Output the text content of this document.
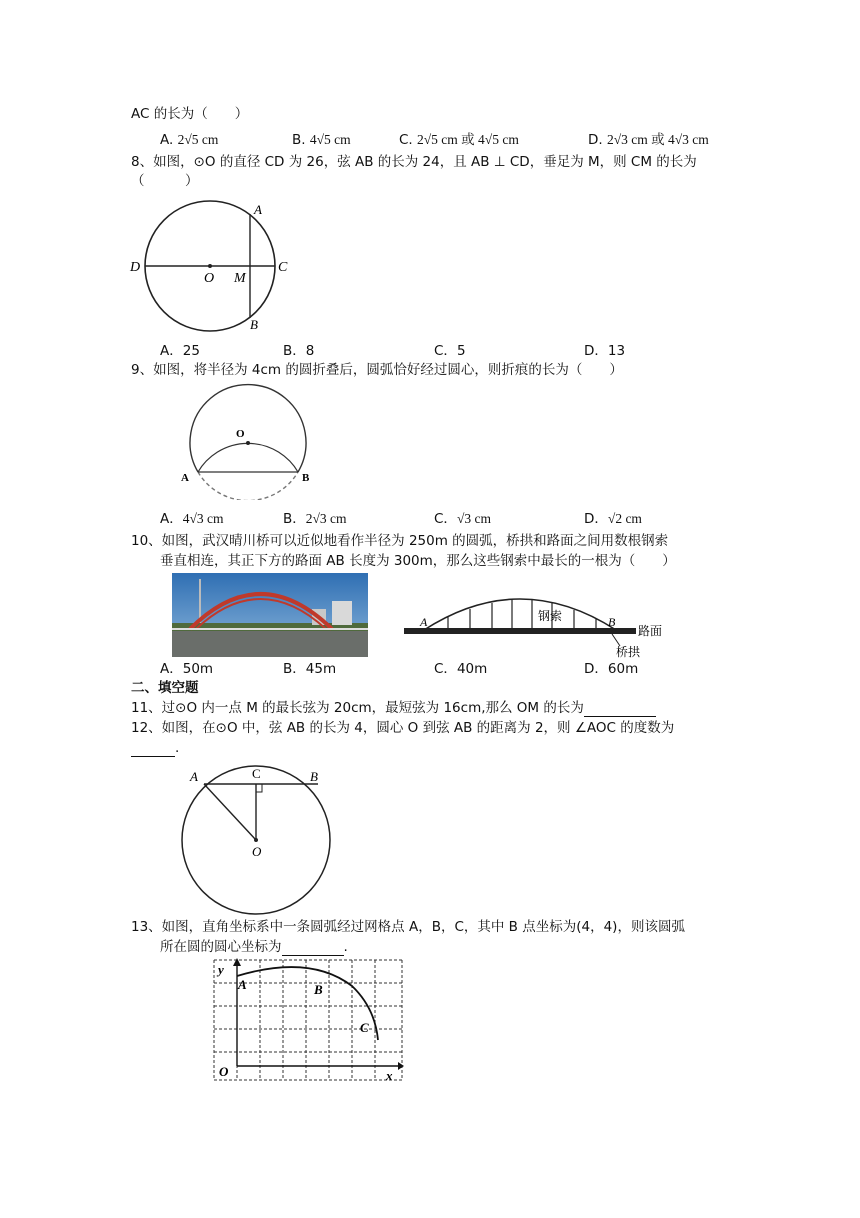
AC 的长为（　　）
A. 2√5 cm	B. 4√5 cm	C. 2√5 cm 或 4√5 cm	D. 2√3 cm 或 4√3 cm
8、如图，⊙O 的直径 CD 为 26，弦 AB 的长为 24，且 AB ⊥ CD，垂足为 M，则 CM 的长为
（　　　）
D
O M
C
A
B
A．25	B．8	C．5	D．13
9、如图，将半径为 4cm 的圆折叠后，圆弧恰好经过圆心，则折痕的长为（　　）
O
A	B
A．4√3 cm	B．2√3 cm	C．√3 cm	D．√2 cm
10、如图，武汉晴川桥可以近似地看作半径为 250m 的圆弧，桥拱和路面之间用数根钢索
垂直相连，其正下方的路面 AB 长度为 300m，那么这些钢索中最长的一根为（　　）
A	B
钢索
路面
桥拱
A．50m	B．45m	C．40m	D．60m
二、填空题
11、过⊙O 内一点 M 的最长弦为 20cm，最短弦为 16cm,那么 OM 的长为
12、如图，在⊙O 中，弦 AB 的长为 4，圆心 O 到弦 AB 的距离为 2，则 ∠AOC 的度数为
.
A	C	B
O
13、如图，直角坐标系中一条圆弧经过网格点 A，B，C，其中 B 点坐标为(4，4)，则该圆弧
所在圆的圆心坐标为	.
y
x
O
A	B
C
